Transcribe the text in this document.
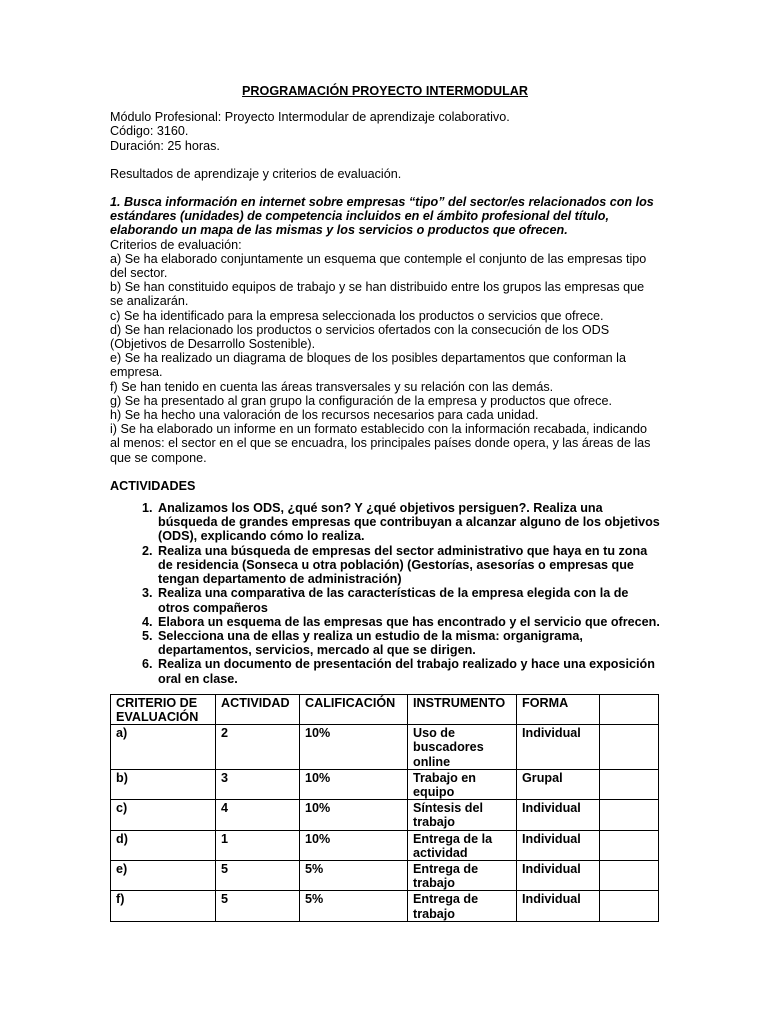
PROGRAMACIÓN PROYECTO INTERMODULAR

Módulo Profesional: Proyecto Intermodular de aprendizaje colaborativo.

Código: 3160.

Duración: 25 horas.

Resultados de aprendizaje y criterios de evaluación.

1. Busca información en internet sobre empresas “tipo” del sector/es relacionados con los estándares (unidades) de competencia incluidos en el ámbito profesional del título, elaborando un mapa de las mismas y los servicios o productos que ofrecen.

Criterios de evaluación:

a) Se ha elaborado conjuntamente un esquema que contemple el conjunto de las empresas tipo del sector.

b) Se han constituido equipos de trabajo y se han distribuido entre los grupos las empresas que se analizarán.

c) Se ha identificado para la empresa seleccionada los productos o servicios que ofrece.

d) Se han relacionado los productos o servicios ofertados con la consecución de los ODS (Objetivos de Desarrollo Sostenible).

e) Se ha realizado un diagrama de bloques de los posibles departamentos que conforman la empresa.

f) Se han tenido en cuenta las áreas transversales y su relación con las demás.

g) Se ha presentado al gran grupo la configuración de la empresa y productos que ofrece.

h) Se ha hecho una valoración de los recursos necesarios para cada unidad.

i) Se ha elaborado un informe en un formato establecido con la información recabada, indicando al menos: el sector en el que se encuadra, los principales países donde opera, y las áreas de las que se compone.

ACTIVIDADES

1. Analizamos los ODS, ¿qué son? Y ¿qué objetivos persiguen?. Realiza una búsqueda de grandes empresas que contribuyan a alcanzar alguno de los objetivos (ODS), explicando cómo lo realiza.
2. Realiza una búsqueda de empresas del sector administrativo que haya en tu zona de residencia (Sonseca u otra población) (Gestorías, asesorías o empresas que tengan departamento de administración)
3. Realiza una comparativa de las características de la empresa elegida con la de otros compañeros
4. Elabora un esquema de las empresas que has encontrado y el servicio que ofrecen.
5. Selecciona una de ellas y realiza un estudio de la misma: organigrama, departamentos, servicios, mercado al que se dirigen.
6. Realiza un documento de presentación del trabajo realizado y hace una exposición oral en clase.
CRITERIO DE EVALUACIÓN	ACTIVIDAD	CALIFICACIÓN	INSTRUMENTO	FORMA	
a)	2	10%	Uso de buscadores online	Individual	
b)	3	10%	Trabajo en equipo	Grupal	
c)	4	10%	Síntesis del trabajo	Individual	
d)	1	10%	Entrega de la actividad	Individual	
e)	5	5%	Entrega de trabajo	Individual	
f)	5	5%	Entrega de trabajo	Individual	
